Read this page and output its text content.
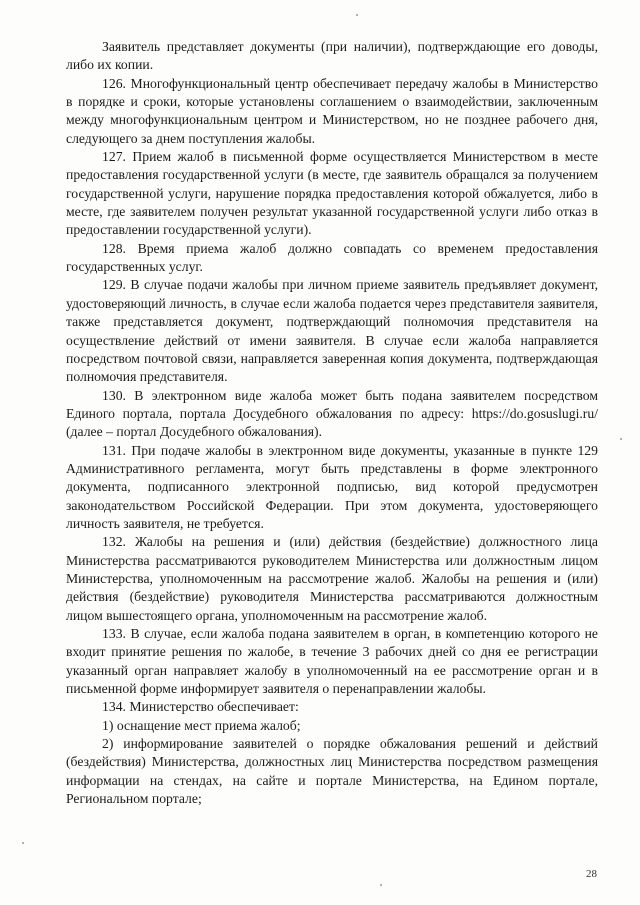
Заявитель представляет документы (при наличии), подтверждающие его доводы, либо их копии.

126. Многофункциональный центр обеспечивает передачу жалобы в Министерство в порядке и сроки, которые установлены соглашением о взаимодействии, заключенным между многофункциональным центром и Министерством, но не позднее рабочего дня, следующего за днем поступления жалобы.

127. Прием жалоб в письменной форме осуществляется Министерством в месте предоставления государственной услуги (в месте, где заявитель обращался за получением государственной услуги, нарушение порядка предоставления которой обжалуется, либо в месте, где заявителем получен результат указанной государственной услуги либо отказ в предоставлении государственной услуги).

128. Время приема жалоб должно совпадать со временем предоставления государственных услуг.

129. В случае подачи жалобы при личном приеме заявитель предъявляет документ, удостоверяющий личность, в случае если жалоба подается через представителя заявителя, также представляется документ, подтверждающий полномочия представителя на осуществление действий от имени заявителя. В случае если жалоба направляется посредством почтовой связи, направляется заверенная копия документа, подтверждающая полномочия представителя.

130. В электронном виде жалоба может быть подана заявителем посредством Единого портала, портала Досудебного обжалования по адресу: https://do.gosuslugi.ru/ (далее – портал Досудебного обжалования).

131. При подаче жалобы в электронном виде документы, указанные в пункте 129 Административного регламента, могут быть представлены в форме электронного документа, подписанного электронной подписью, вид которой предусмотрен законодательством Российской Федерации. При этом документа, удостоверяющего личность заявителя, не требуется.

132. Жалобы на решения и (или) действия (бездействие) должностного лица Министерства рассматриваются руководителем Министерства или должностным лицом Министерства, уполномоченным на рассмотрение жалоб. Жалобы на решения и (или) действия (бездействие) руководителя Министерства рассматриваются должностным лицом вышестоящего органа, уполномоченным на рассмотрение жалоб.

133. В случае, если жалоба подана заявителем в орган, в компетенцию которого не входит принятие решения по жалобе, в течение 3 рабочих дней со дня ее регистрации указанный орган направляет жалобу в уполномоченный на ее рассмотрение орган и в письменной форме информирует заявителя о перенаправлении жалобы.

134. Министерство обеспечивает:

1) оснащение мест приема жалоб;

2) информирование заявителей о порядке обжалования решений и действий (бездействия) Министерства, должностных лиц Министерства посредством размещения информации на стендах, на сайте и портале Министерства, на Едином портале, Региональном портале;

28
